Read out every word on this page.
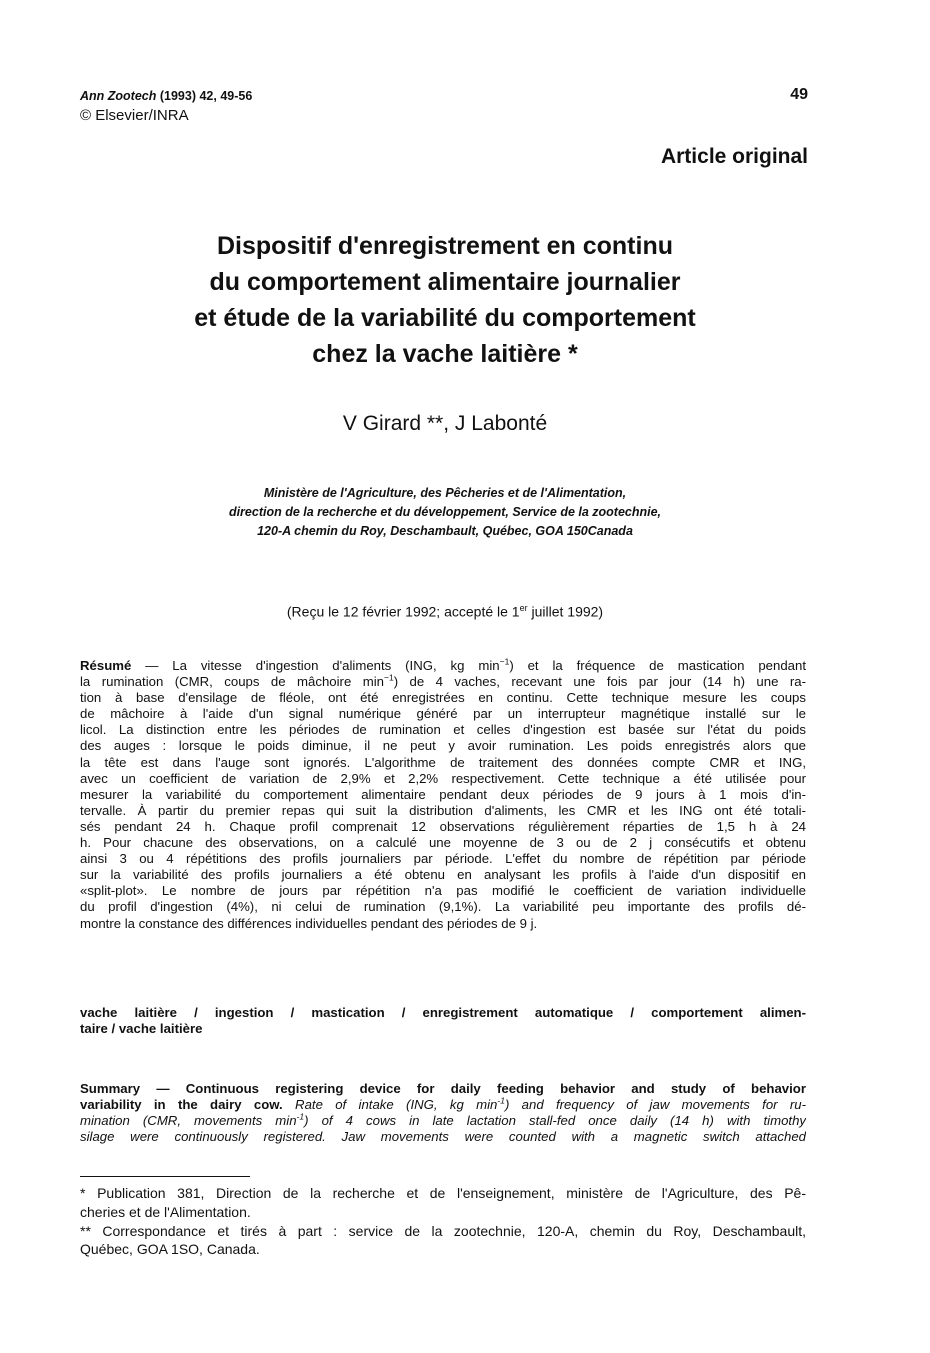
Ann Zootech (1993) 42, 49-56
© Elsevier/INRA
49
Article original
Dispositif d'enregistrement en continu
du comportement alimentaire journalier
et étude de la variabilité du comportement
chez la vache laitière *
V Girard **, J Labonté
Ministère de l'Agriculture, des Pêcheries et de l'Alimentation,
direction de la recherche et du développement, Service de la zootechnie,
120-A chemin du Roy, Deschambault, Québec, GOA 150Canada
(Reçu le 12 février 1992; accepté le 1er juillet 1992)
Résumé — La vitesse d'ingestion d'aliments (ING, kg $\min^{-1}$) et la fréquence de mastication pendant
la rumination (CMR, coups de mâchoire $\min^{-1}$) de 4 vaches, recevant une fois par jour (14 h) une ra-
tion à base d'ensilage de fléole, ont été enregistrées en continu. Cette technique mesure les coups
de mâchoire à l'aide d'un signal numérique généré par un interrupteur magnétique installé sur le
licol. La distinction entre les périodes de rumination et celles d'ingestion est basée sur l'état du poids
des auges : lorsque le poids diminue, il ne peut y avoir rumination. Les poids enregistrés alors que
la tête est dans l'auge sont ignorés. L'algorithme de traitement des données compte CMR et ING,
avec un coefficient de variation de 2,9% et 2,2% respectivement. Cette technique a été utilisée pour
mesurer la variabilité du comportement alimentaire pendant deux périodes de 9 jours à 1 mois d'in-
tervalle. À partir du premier repas qui suit la distribution d'aliments, les CMR et les ING ont été totali-
sés pendant 24 h. Chaque profil comprenait 12 observations régulièrement réparties de 1,5 h à 24
h. Pour chacune des observations, on a calculé une moyenne de 3 ou de 2 j consécutifs et obtenu
ainsi 3 ou 4 répétitions des profils journaliers par période. L'effet du nombre de répétition par période
sur la variabilité des profils journaliers a été obtenu en analysant les profils à l'aide d'un dispositif en
«split-plot». Le nombre de jours par répétition n'a pas modifié le coefficient de variation individuelle
du profil d'ingestion (4%), ni celui de rumination (9,1%). La variabilité peu importante des profils dé-
montre la constance des différences individuelles pendant des périodes de 9 j.
vache laitière / ingestion / mastication / enregistrement automatique / comportement alimen-
taire / vache laitière
Summary — Continuous registering device for daily feeding behavior and study of behavior
variability in the dairy cow. Rate of intake (ING, kg $\min^{-1}$) and frequency of jaw movements for ru-
mination (CMR, movements $\min^{-1}$) of 4 cows in late lactation stall-fed once daily (14 h) with timothy
silage were continuously registered. Jaw movements were counted with a magnetic switch attached
* Publication 381, Direction de la recherche et de l'enseignement, ministère de l'Agriculture, des Pê-
cheries et de l'Alimentation.
** Correspondance et tirés à part : service de la zootechnie, 120-A, chemin du Roy, Deschambault,
Québec, GOA 1SO, Canada.
